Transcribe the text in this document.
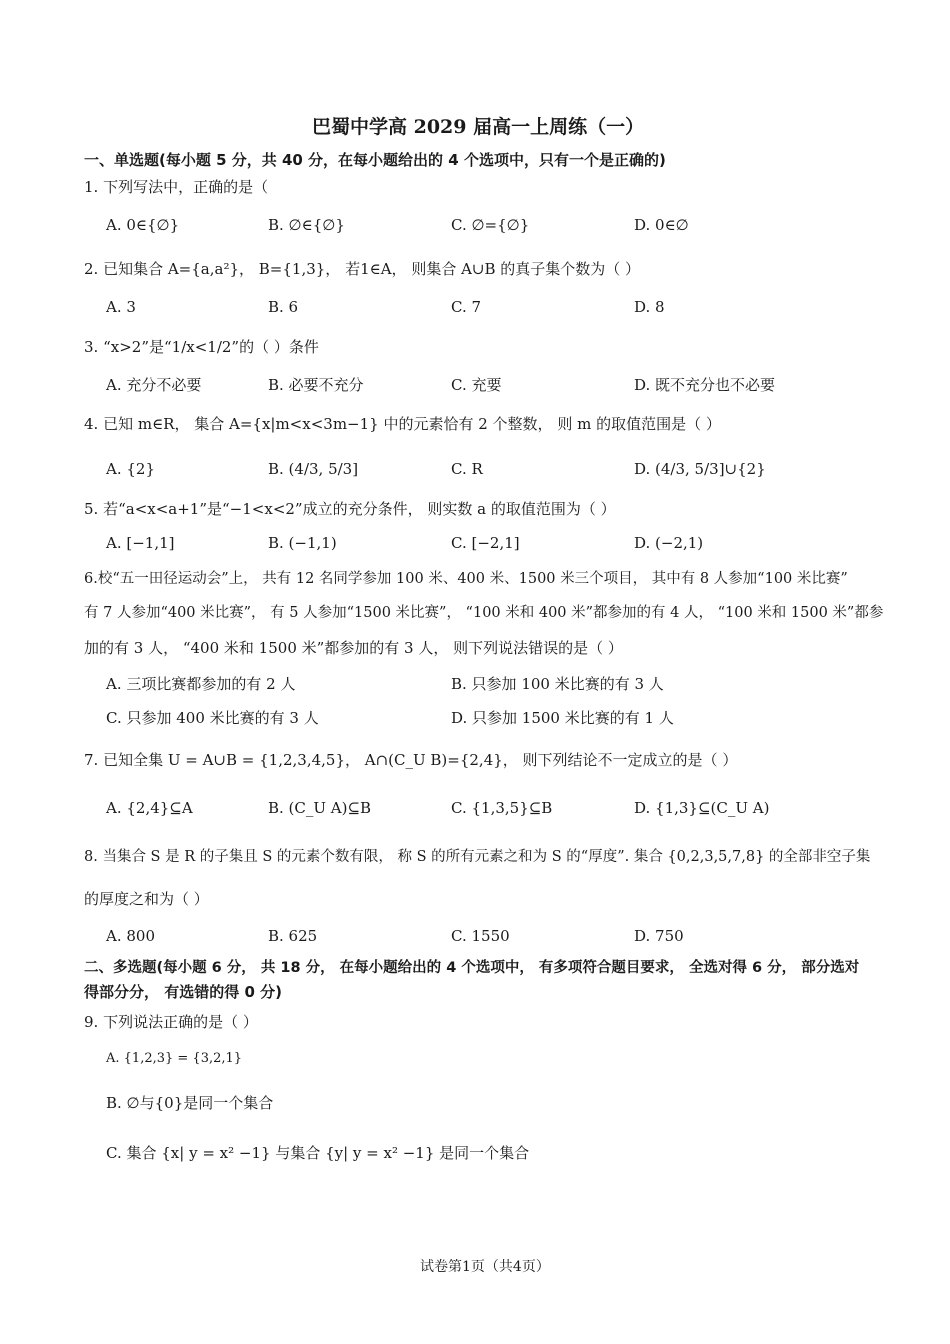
巴蜀中学高 2029 届高一上周练（一）
一、单选题(每小题 5 分，共 40 分，在每小题给出的 4 个选项中，只有一个是正确的)
1. 下列写法中，正确的是（
A. 0∈{∅}	B. ∅∈{∅}	C. ∅={∅}	D. 0∈∅
2. 已知集合 A={a,a²}， B={1,3}， 若1∈A， 则集合 A∪B 的真子集个数为（ ）
A. 3	B. 6	C. 7	D. 8
3. “x>2”是“1/x<1/2”的（ ）条件
A. 充分不必要	B. 必要不充分	C. 充要	D. 既不充分也不必要
4. 已知 m∈R， 集合 A={x|m<x<3m−1} 中的元素恰有 2 个整数， 则 m 的取值范围是（ ）
A. {2}	B. (4/3, 5/3]	C. R	D. (4/3, 5/3]∪{2}
5. 若“a<x<a+1”是“−1<x<2”成立的充分条件， 则实数 a 的取值范围为（ ）
A. [−1,1]	B. (−1,1)	C. [−2,1]	D. (−2,1)
6.校“五一田径运动会”上， 共有 12 名同学参加 100 米、400 米、1500 米三个项目， 其中有 8 人参加“100 米比赛”
有 7 人参加“400 米比赛”， 有 5 人参加“1500 米比赛”， “100 米和 400 米”都参加的有 4 人， “100 米和 1500 米”都参
加的有 3 人， “400 米和 1500 米”都参加的有 3 人， 则下列说法错误的是（ ）
A. 三项比赛都参加的有 2 人	B. 只参加 100 米比赛的有 3 人
C. 只参加 400 米比赛的有 3 人	D. 只参加 1500 米比赛的有 1 人
7. 已知全集 U = A∪B = {1,2,3,4,5}， A∩(C_U B)={2,4}， 则下列结论不一定成立的是（ ）
A. {2,4}⊆A	B. (C_U A)⊆B	C. {1,3,5}⊆B	D. {1,3}⊆(C_U A)
8. 当集合 S 是 R 的子集且 S 的元素个数有限， 称 S 的所有元素之和为 S 的“厚度”. 集合 {0,2,3,5,7,8} 的全部非空子集
的厚度之和为（ ）
A. 800	B. 625	C. 1550	D. 750
二、多选题(每小题 6 分， 共 18 分， 在每小题给出的 4 个选项中， 有多项符合题目要求， 全选对得 6 分， 部分选对
得部分分， 有选错的得 0 分)
9. 下列说法正确的是（ ）
A. {1,2,3} = {3,2,1}
B. ∅与{0}是同一个集合
C. 集合 {x| y = x² −1} 与集合 {y| y = x² −1} 是同一个集合
试卷第1页（共4页）
